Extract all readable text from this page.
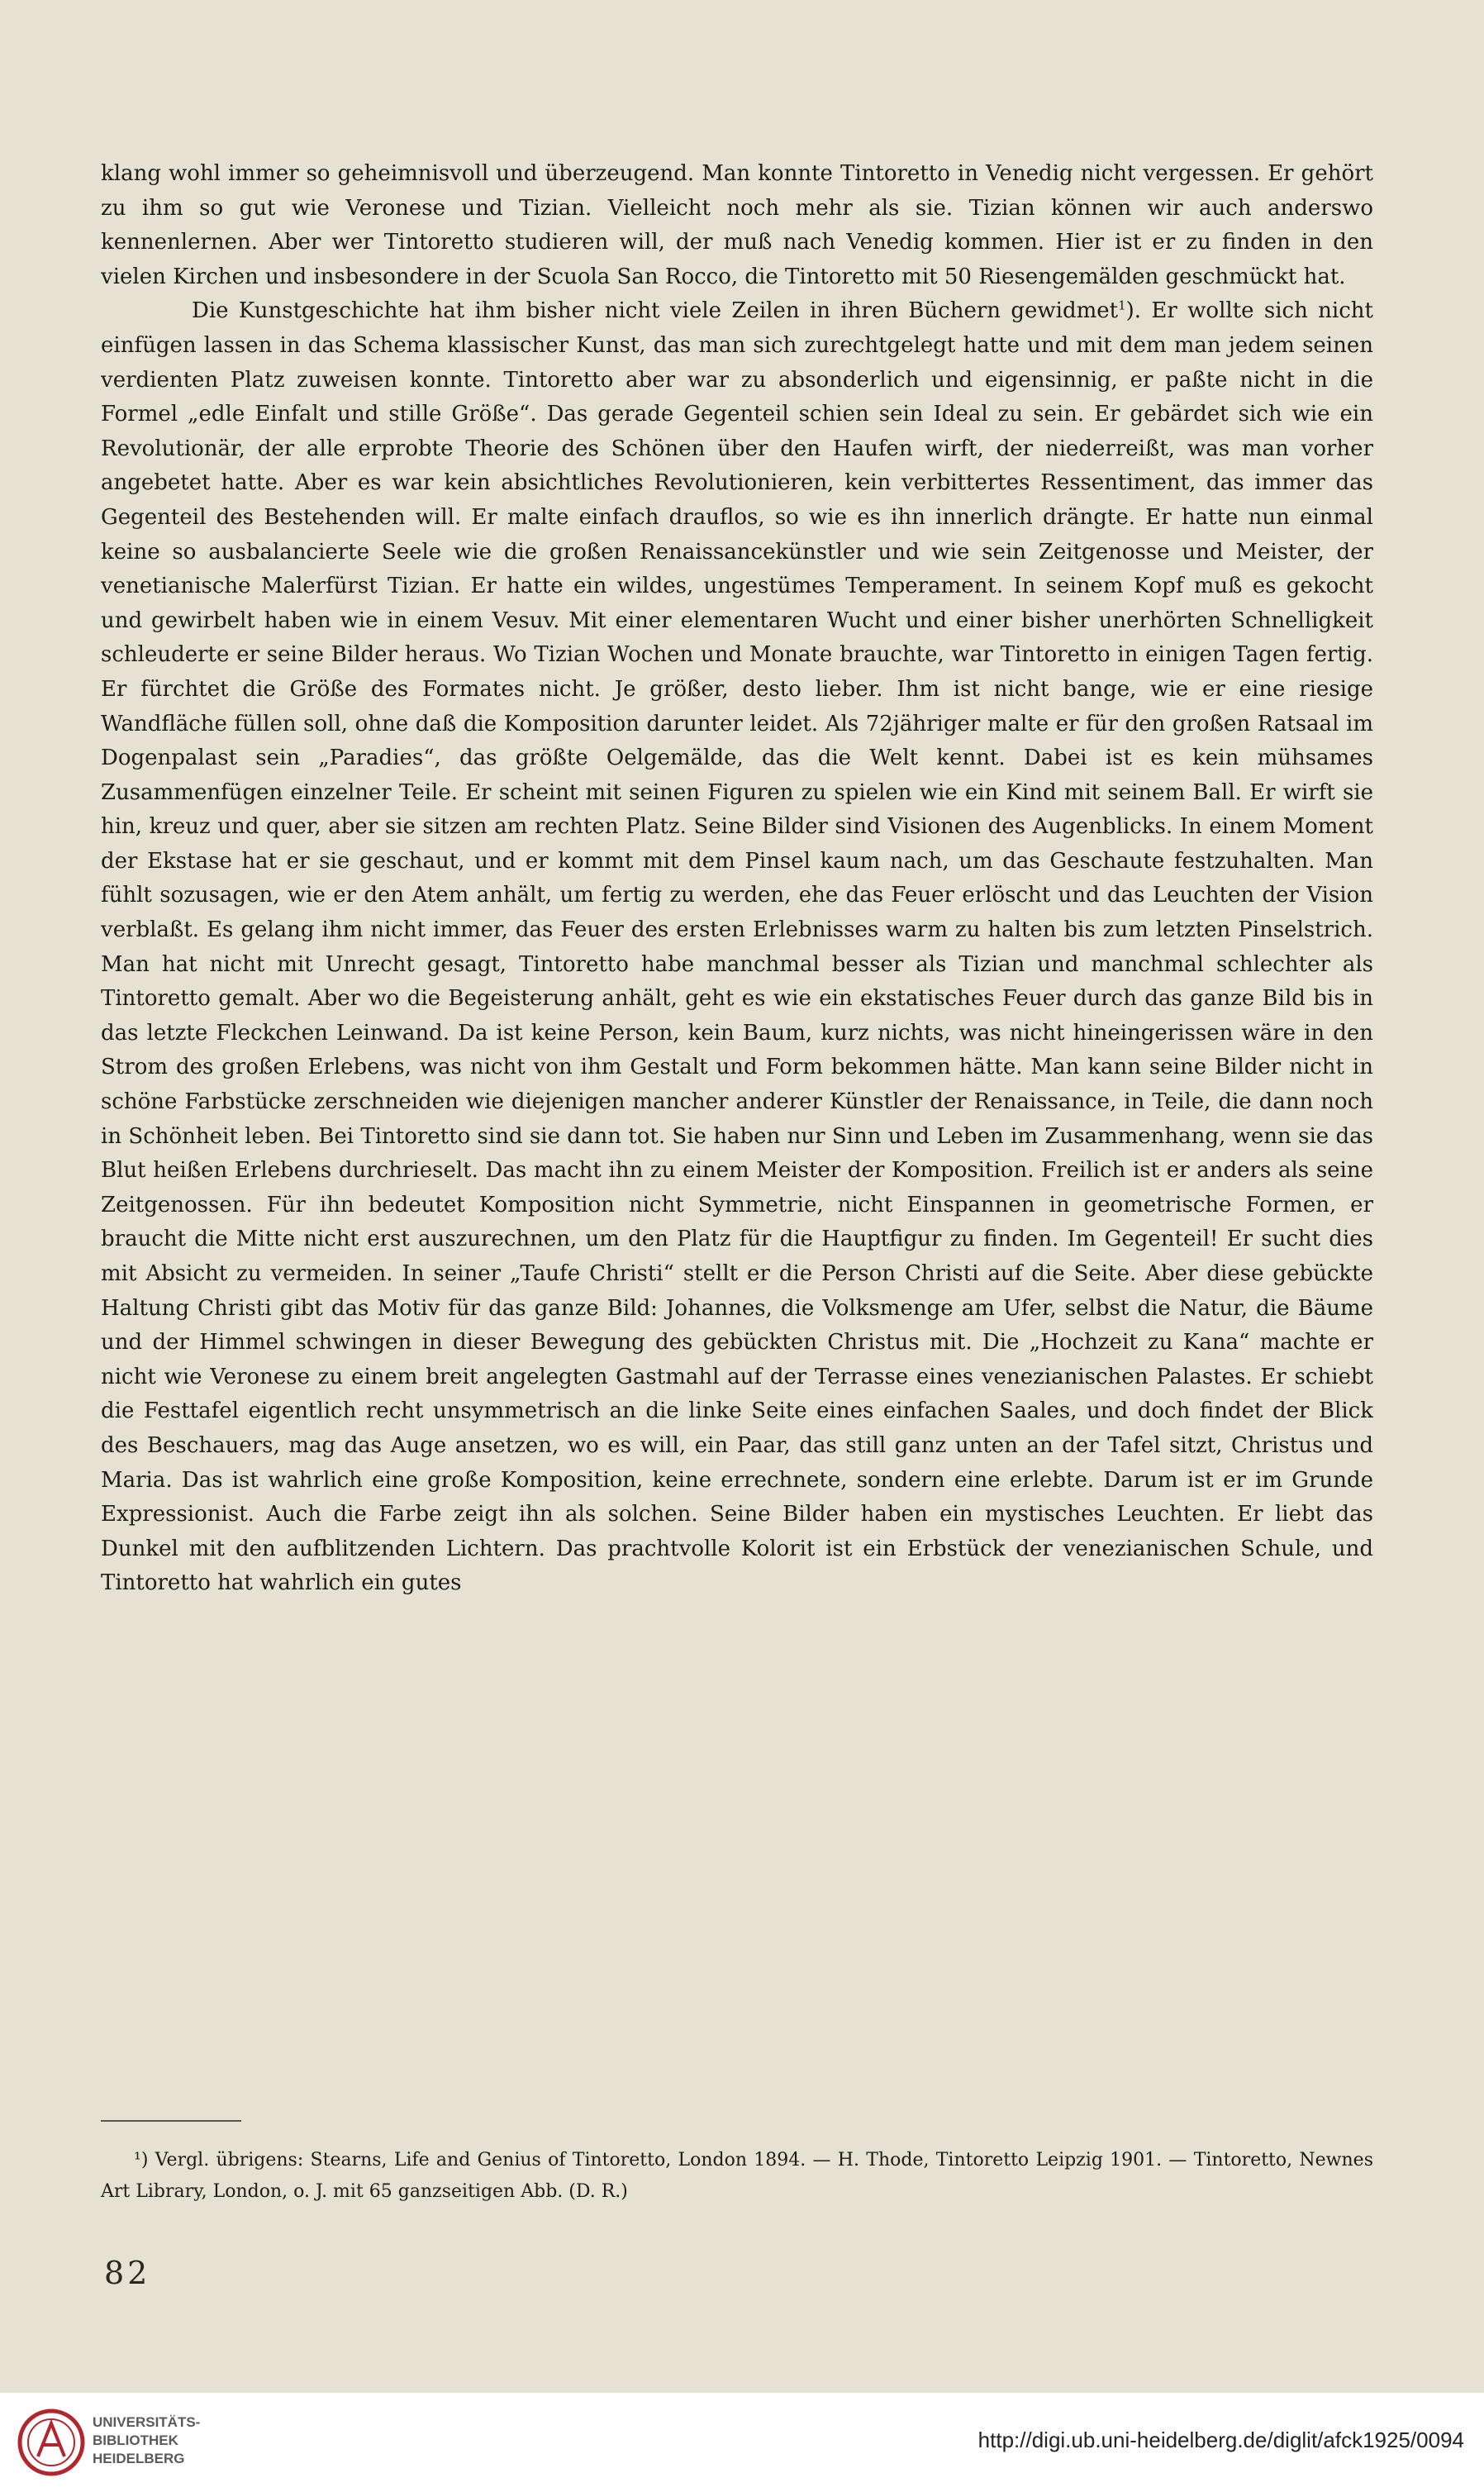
klang wohl immer so geheimnisvoll und überzeugend. Man konnte Tintoretto in Venedig nicht vergessen. Er gehört zu ihm so gut wie Veronese und Tizian. Vielleicht noch mehr als sie. Tizian können wir auch anderswo kennenlernen. Aber wer Tintoretto studieren will, der muß nach Venedig kommen. Hier ist er zu finden in den vielen Kirchen und insbesondere in der Scuola San Rocco, die Tintoretto mit 50 Riesengemälden geschmückt hat.

Die Kunstgeschichte hat ihm bisher nicht viele Zeilen in ihren Büchern gewidmet$^1$). Er wollte sich nicht einfügen lassen in das Schema klassischer Kunst, das man sich zurechtgelegt hatte und mit dem man jedem seinen verdienten Platz zuweisen konnte. Tintoretto aber war zu absonderlich und eigensinnig, er paßte nicht in die Formel „edle Einfalt und stille Größe“. Das gerade Gegenteil schien sein Ideal zu sein. Er gebärdet sich wie ein Revolutionär, der alle erprobte Theorie des Schönen über den Haufen wirft, der niederreißt, was man vorher angebetet hatte. Aber es war kein absichtliches Revolutionieren, kein verbittertes Ressentiment, das immer das Gegenteil des Bestehenden will. Er malte einfach drauflos, so wie es ihn innerlich drängte. Er hatte nun einmal keine so ausbalancierte Seele wie die großen Renaissancekünstler und wie sein Zeitgenosse und Meister, der venetianische Malerfürst Tizian. Er hatte ein wildes, ungestümes Temperament. In seinem Kopf muß es gekocht und gewirbelt haben wie in einem Vesuv. Mit einer elementaren Wucht und einer bisher unerhörten Schnelligkeit schleuderte er seine Bilder heraus. Wo Tizian Wochen und Monate brauchte, war Tintoretto in einigen Tagen fertig. Er fürchtet die Größe des Formates nicht. Je größer, desto lieber. Ihm ist nicht bange, wie er eine riesige Wandfläche füllen soll, ohne daß die Komposition darunter leidet. Als 72jähriger malte er für den großen Ratsaal im Dogenpalast sein „Paradies“, das größte Oelgemälde, das die Welt kennt. Dabei ist es kein mühsames Zusammenfügen einzelner Teile. Er scheint mit seinen Figuren zu spielen wie ein Kind mit seinem Ball. Er wirft sie hin, kreuz und quer, aber sie sitzen am rechten Platz. Seine Bilder sind Visionen des Augenblicks. In einem Moment der Ekstase hat er sie geschaut, und er kommt mit dem Pinsel kaum nach, um das Geschaute festzuhalten. Man fühlt sozusagen, wie er den Atem anhält, um fertig zu werden, ehe das Feuer erlöscht und das Leuchten der Vision verblaßt. Es gelang ihm nicht immer, das Feuer des ersten Erlebnisses warm zu halten bis zum letzten Pinselstrich. Man hat nicht mit Unrecht gesagt, Tintoretto habe manchmal besser als Tizian und manchmal schlechter als Tintoretto gemalt. Aber wo die Begeisterung anhält, geht es wie ein ekstatisches Feuer durch das ganze Bild bis in das letzte Fleckchen Leinwand. Da ist keine Person, kein Baum, kurz nichts, was nicht hineingerissen wäre in den Strom des großen Erlebens, was nicht von ihm Gestalt und Form bekommen hätte. Man kann seine Bilder nicht in schöne Farbstücke zerschneiden wie diejenigen mancher anderer Künstler der Renaissance, in Teile, die dann noch in Schönheit leben. Bei Tintoretto sind sie dann tot. Sie haben nur Sinn und Leben im Zusammenhang, wenn sie das Blut heißen Erlebens durchrieselt. Das macht ihn zu einem Meister der Komposition. Freilich ist er anders als seine Zeitgenossen. Für ihn bedeutet Komposition nicht Symmetrie, nicht Einspannen in geometrische Formen, er braucht die Mitte nicht erst auszurechnen, um den Platz für die Hauptfigur zu finden. Im Gegenteil! Er sucht dies mit Absicht zu vermeiden. In seiner „Taufe Christi“ stellt er die Person Christi auf die Seite. Aber diese gebückte Haltung Christi gibt das Motiv für das ganze Bild: Johannes, die Volksmenge am Ufer, selbst die Natur, die Bäume und der Himmel schwingen in dieser Bewegung des gebückten Christus mit. Die „Hochzeit zu Kana“ machte er nicht wie Veronese zu einem breit angelegten Gastmahl auf der Terrasse eines venezianischen Palastes. Er schiebt die Festtafel eigentlich recht unsymmetrisch an die linke Seite eines einfachen Saales, und doch findet der Blick des Beschauers, mag das Auge ansetzen, wo es will, ein Paar, das still ganz unten an der Tafel sitzt, Christus und Maria. Das ist wahrlich eine große Komposition, keine errechnete, sondern eine erlebte. Darum ist er im Grunde Expressionist. Auch die Farbe zeigt ihn als solchen. Seine Bilder haben ein mystisches Leuchten. Er liebt das Dunkel mit den aufblitzenden Lichtern. Das prachtvolle Kolorit ist ein Erbstück der venezianischen Schule, und Tintoretto hat wahrlich ein gutes

¹) Vergl. übrigens: Stearns, Life and Genius of Tintoretto, London 1894. — H. Thode, Tintoretto Leipzig 1901. — Tintoretto, Newnes Art Library, London, o. J. mit 65 ganzseitigen Abb. (D. R.)
82
UNIVERSITÄTS-
BIBLIOTHEK
HEIDELBERG
http://digi.ub.uni-heidelberg.de/diglit/afck1925/0094
